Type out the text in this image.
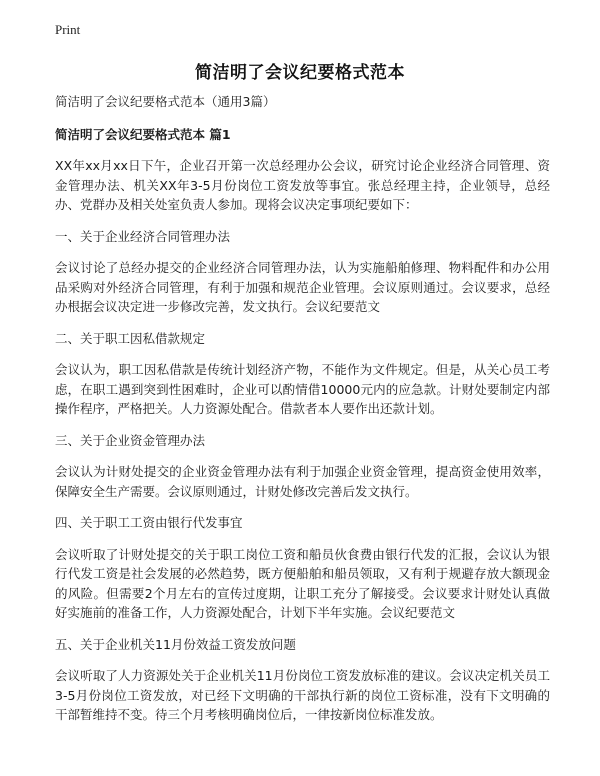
Print
简洁明了会议纪要格式范本

简洁明了会议纪要格式范本（通用3篇）

简洁明了会议纪要格式范本 篇1

XX年xx月xx日下午，企业召开第一次总经理办公会议，研究讨论企业经济合同管理、资金管理办法、机关XX年3-5月份岗位工资发放等事宜。张总经理主持，企业领导，总经办、党群办及相关处室负责人参加。现将会议决定事项纪要如下：

一、关于企业经济合同管理办法

会议讨论了总经办提交的企业经济合同管理办法，认为实施船舶修理、物料配件和办公用品采购对外经济合同管理，有利于加强和规范企业管理。会议原则通过。会议要求，总经办根据会议决定进一步修改完善，发文执行。会议纪要范文

二、关于职工因私借款规定

会议认为，职工因私借款是传统计划经济产物，不能作为文件规定。但是，从关心员工考虑，在职工遇到突到性困难时，企业可以酌情借10000元内的应急款。计财处要制定内部操作程序，严格把关。人力资源处配合。借款者本人要作出还款计划。

三、关于企业资金管理办法

会议认为计财处提交的企业资金管理办法有利于加强企业资金管理，提高资金使用效率，保障安全生产需要。会议原则通过，计财处修改完善后发文执行。

四、关于职工工资由银行代发事宜

会议听取了计财处提交的关于职工岗位工资和船员伙食费由银行代发的汇报，会议认为银行代发工资是社会发展的必然趋势，既方便船舶和船员领取，又有利于规避存放大额现金的风险。但需要2个月左右的宣传过度期，让职工充分了解接受。会议要求计财处认真做好实施前的准备工作，人力资源处配合，计划下半年实施。会议纪要范文

五、关于企业机关11月份效益工资发放问题

会议听取了人力资源处关于企业机关11月份岗位工资发放标准的建议。会议决定机关员工3-5月份岗位工资发放，对已经下文明确的干部执行新的岗位工资标准，没有下文明确的干部暂维持不变。待三个月考核明确岗位后，一律按新岗位标准发放。
